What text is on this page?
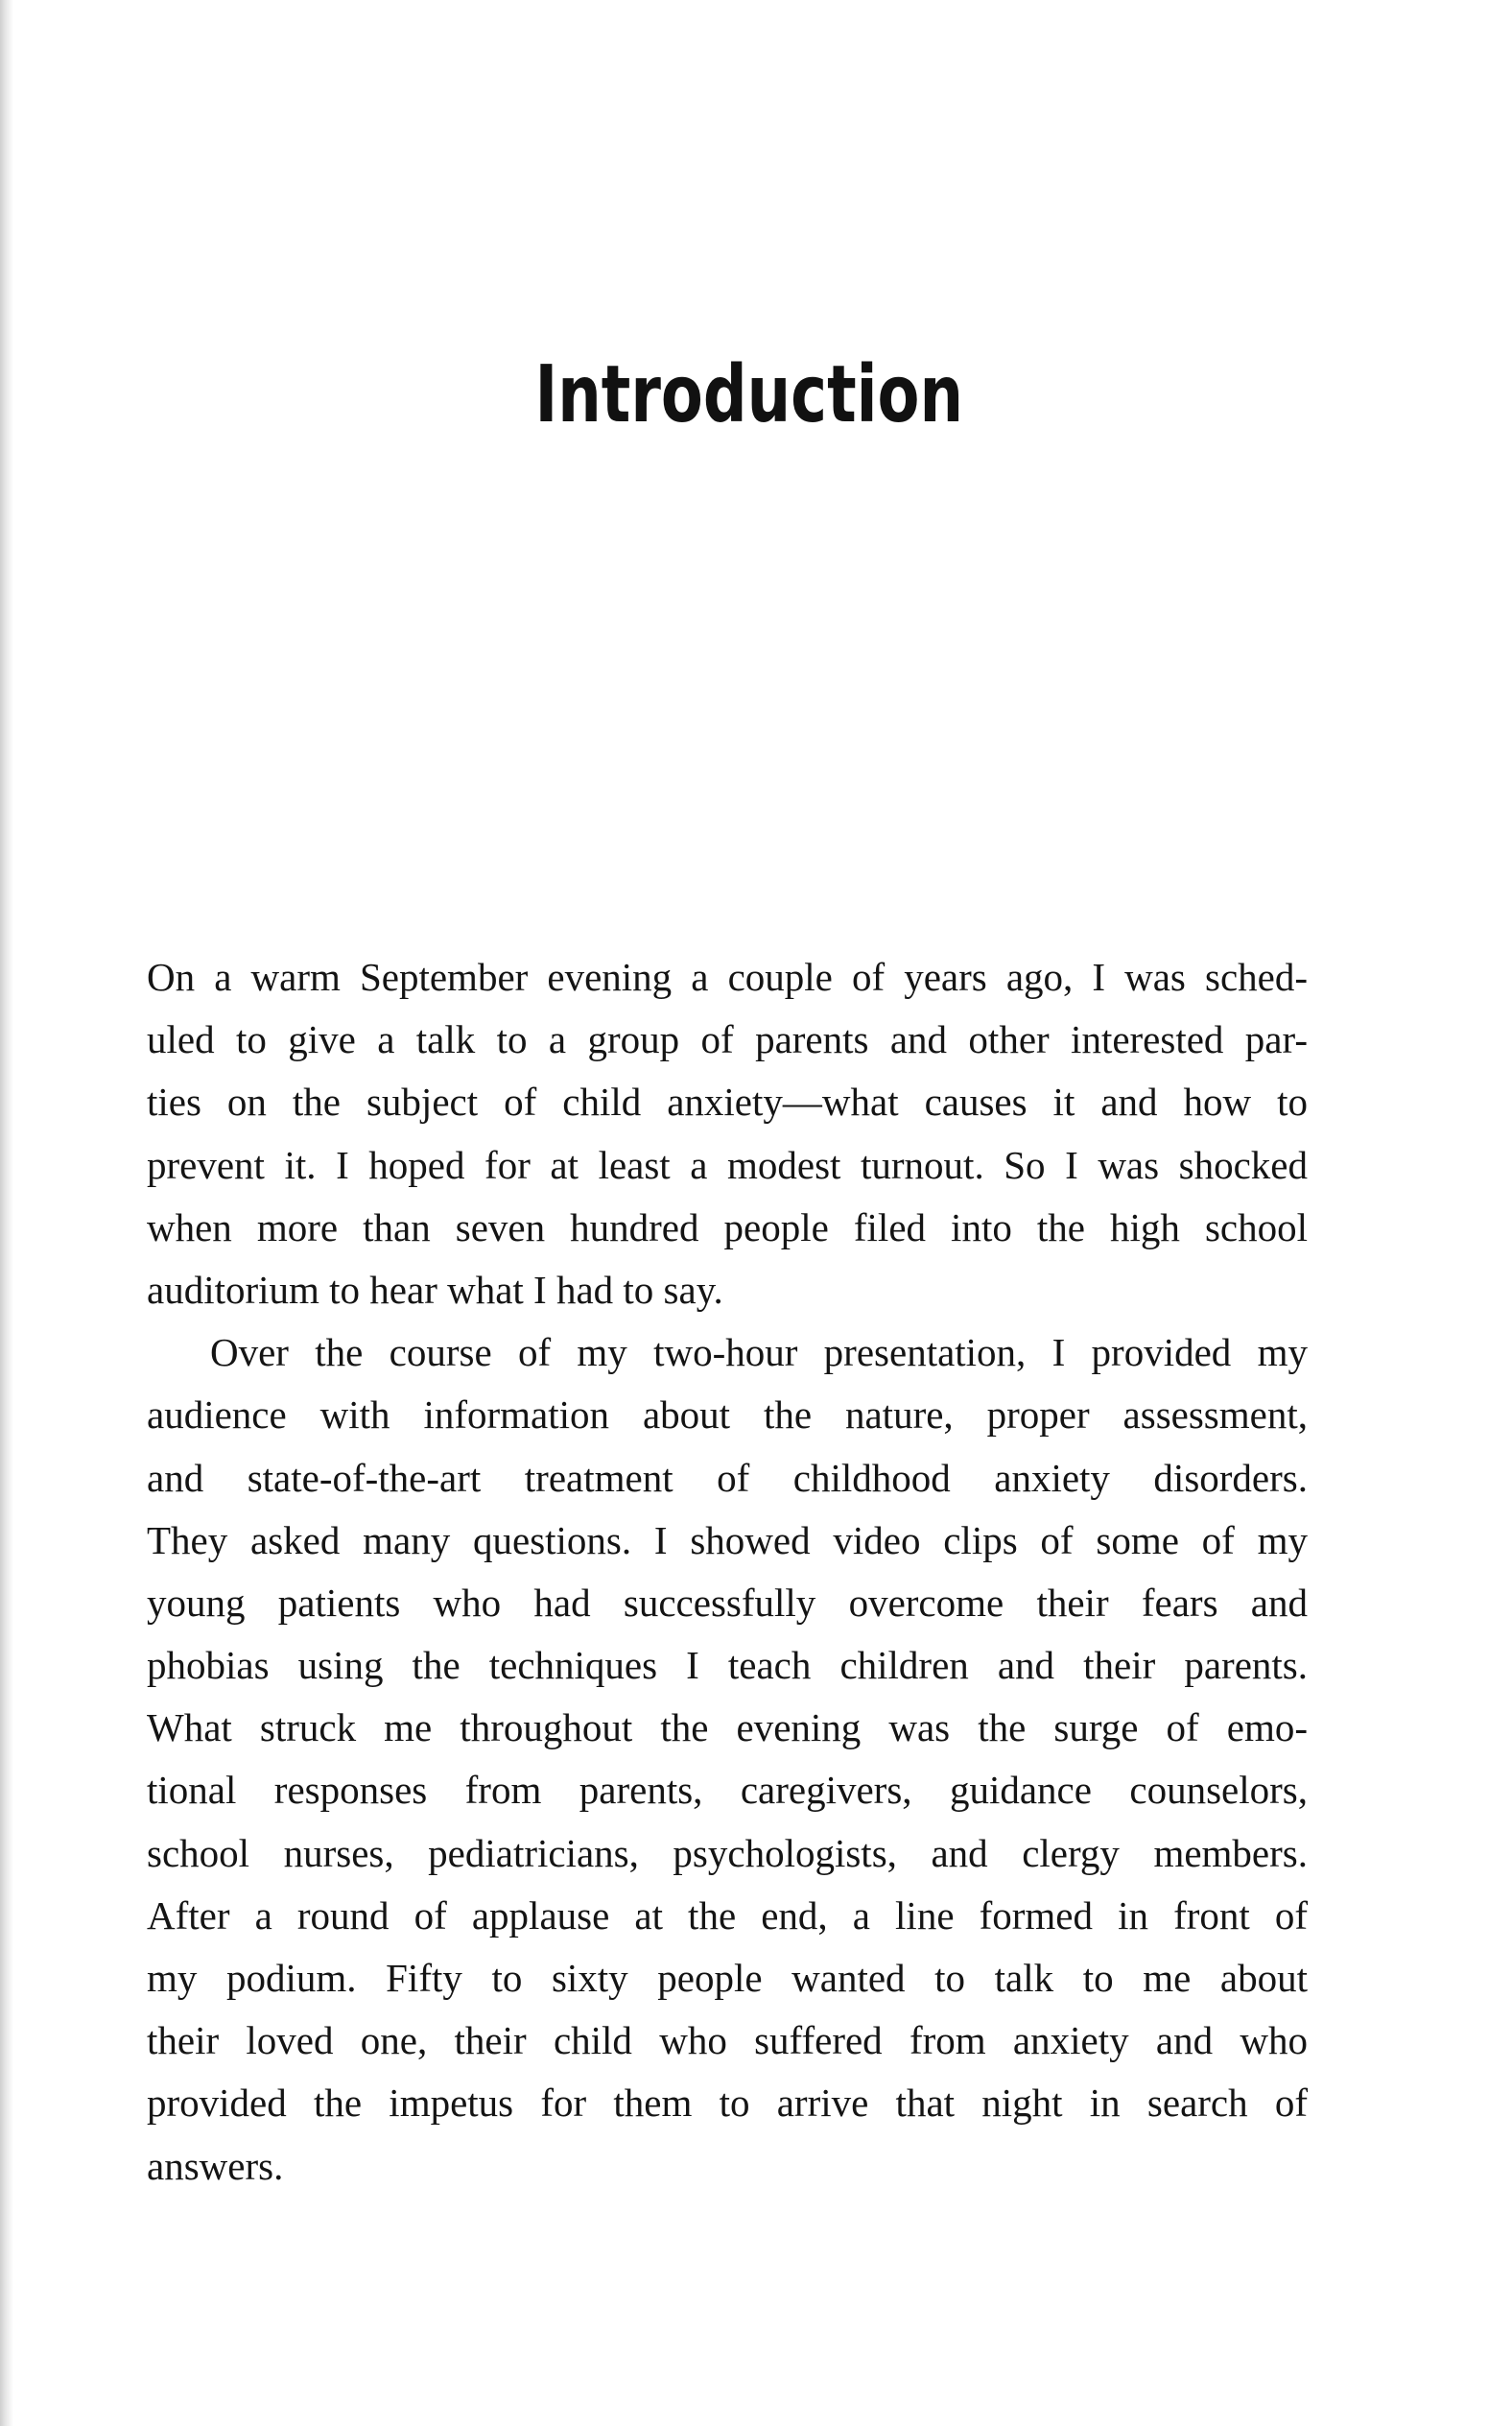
Introduction
On a warm September evening a couple of years ago, I was sched-
uled to give a talk to a group of parents and other interested par-
ties on the subject of child anxiety—what causes it and how to
prevent it. I hoped for at least a modest turnout. So I was shocked
when more than seven hundred people filed into the high school
auditorium to hear what I had to say.
Over the course of my two-hour presentation, I provided my
audience with information about the nature, proper assessment,
and state-of-the-art treatment of childhood anxiety disorders.
They asked many questions. I showed video clips of some of my
young patients who had successfully overcome their fears and
phobias using the techniques I teach children and their parents.
What struck me throughout the evening was the surge of emo-
tional responses from parents, caregivers, guidance counselors,
school nurses, pediatricians, psychologists, and clergy members.
After a round of applause at the end, a line formed in front of
my podium. Fifty to sixty people wanted to talk to me about
their loved one, their child who suffered from anxiety and who
provided the impetus for them to arrive that night in search of
answers.
